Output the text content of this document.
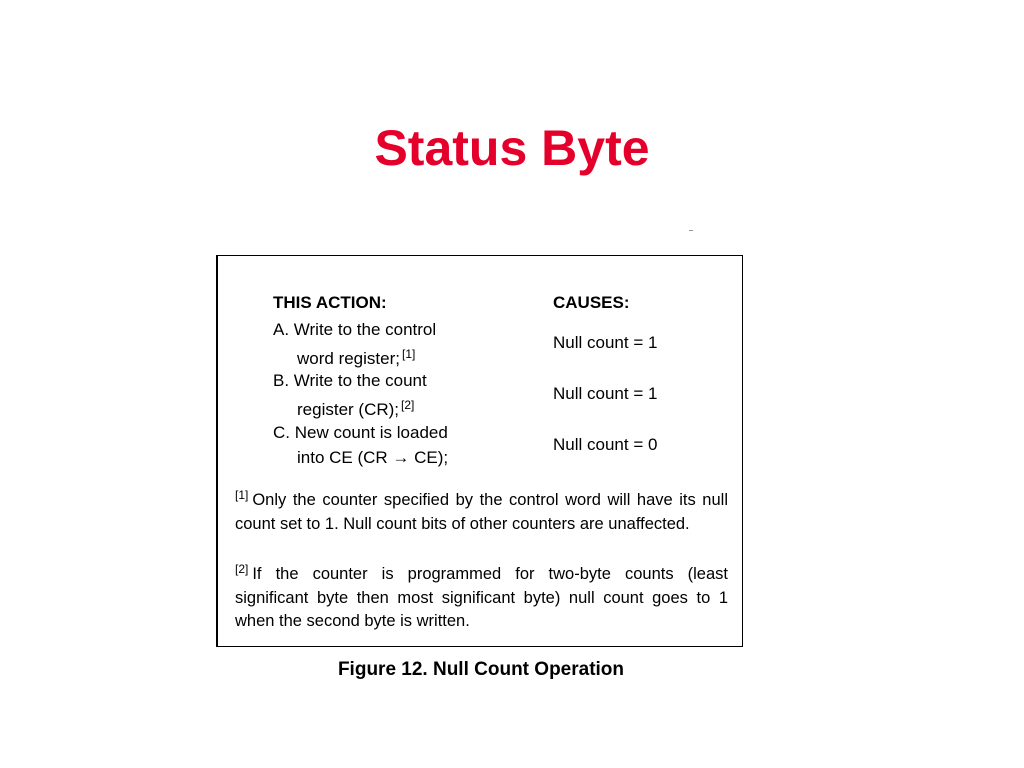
Status Byte
THIS ACTION:	CAUSES:
A. Write to the control
word register; [1]
Null count = 1
B. Write to the count
register (CR); [2]
Null count = 1
C. New count is loaded
into CE (CR → CE);
Null count = 0
[1] Only the counter specified by the control word will have its null count set to 1. Null count bits of other counters are unaffected.
[2] If the counter is programmed for two-byte counts (least significant byte then most significant byte) null count goes to 1 when the second byte is written.
Figure 12. Null Count Operation
